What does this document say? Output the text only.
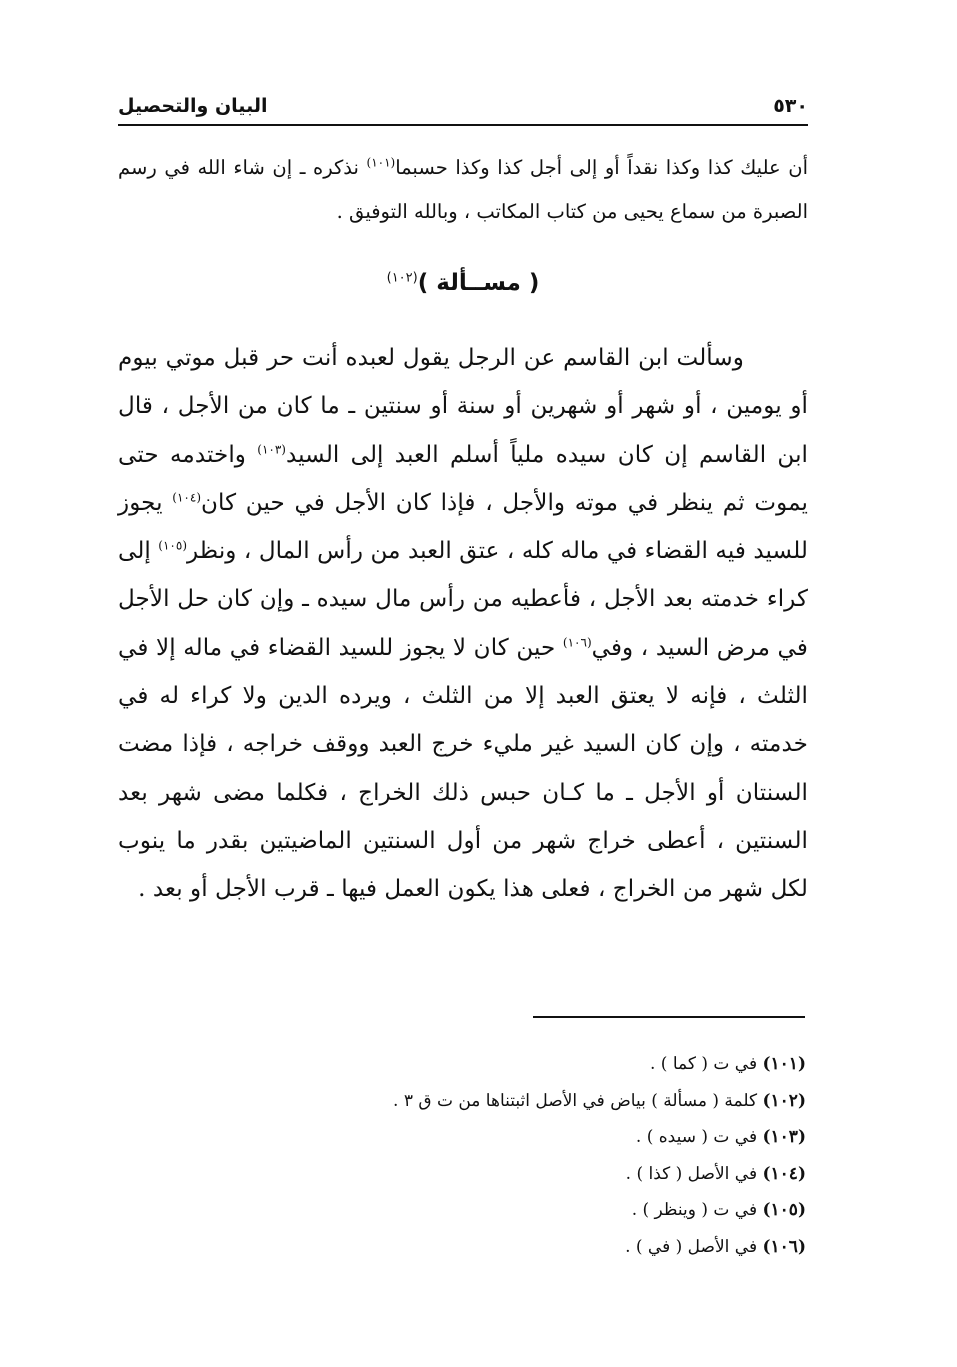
٥٣٠
البيان والتحصيل

أن عليك كذا وكذا نقداً أو إلى أجل كذا وكذا حسبما$^{(١٠١)}$ نذكره ـ إن شاء الله في رسم الصبرة من سماع يحيى من كتاب المكاتب ، وبالله التوفيق .

( مســألة )$^{(١٠٢)}$

وسألت ابن القاسم عن الرجل يقول لعبده أنت حر قبل موتي بيوم أو يومين ، أو شهر أو شهرين أو سنة أو سنتين ـ ما كان من الأجل ، قال ابن القاسم إن كان سيده ملياً أسلم العبد إلى السيد$^{(١٠٣)}$ واختدمه حتى يموت ثم ينظر في موته والأجل ، فإذا كان الأجل في حين كان$^{(١٠٤)}$ يجوز للسيد فيه القضاء في ماله كله ، عتق العبد من رأس المال ، ونظر$^{(١٠٥)}$ إلى كراء خدمته بعد الأجل ، فأعطيه من رأس مال سيده ـ وإن كان حل الأجل في مرض السيد ، وفي$^{(١٠٦)}$ حين كان لا يجوز للسيد القضاء في ماله إلا في الثلث ، فإنه لا يعتق العبد إلا من الثلث ، ويرده الدين ولا كراء له في خدمته ، وإن كان السيد غير مليء خرج العبد ووقف خراجه ، فإذا مضت السنتان أو الأجل ـ ما كـان حبس ذلك الخراج ، فكلما مضى شهر بعد السنتين ، أعطى خراج شهر من أول السنتين الماضيتين بقدر ما ينوب لكل شهر من الخراج ، فعلى هذا يكون العمل فيها ـ قرب الأجل أو بعد .

(١٠١) في ت ( كما ) .
(١٠٢) كلمة ( مسألة ) بياض في الأصل اثبتناها من ت ق ٣ .
(١٠٣) في ت ( سيده ) .
(١٠٤) في الأصل ( كذا ) .
(١٠٥) في ت ( وينظر ) .
(١٠٦) في الأصل ( في ) .
